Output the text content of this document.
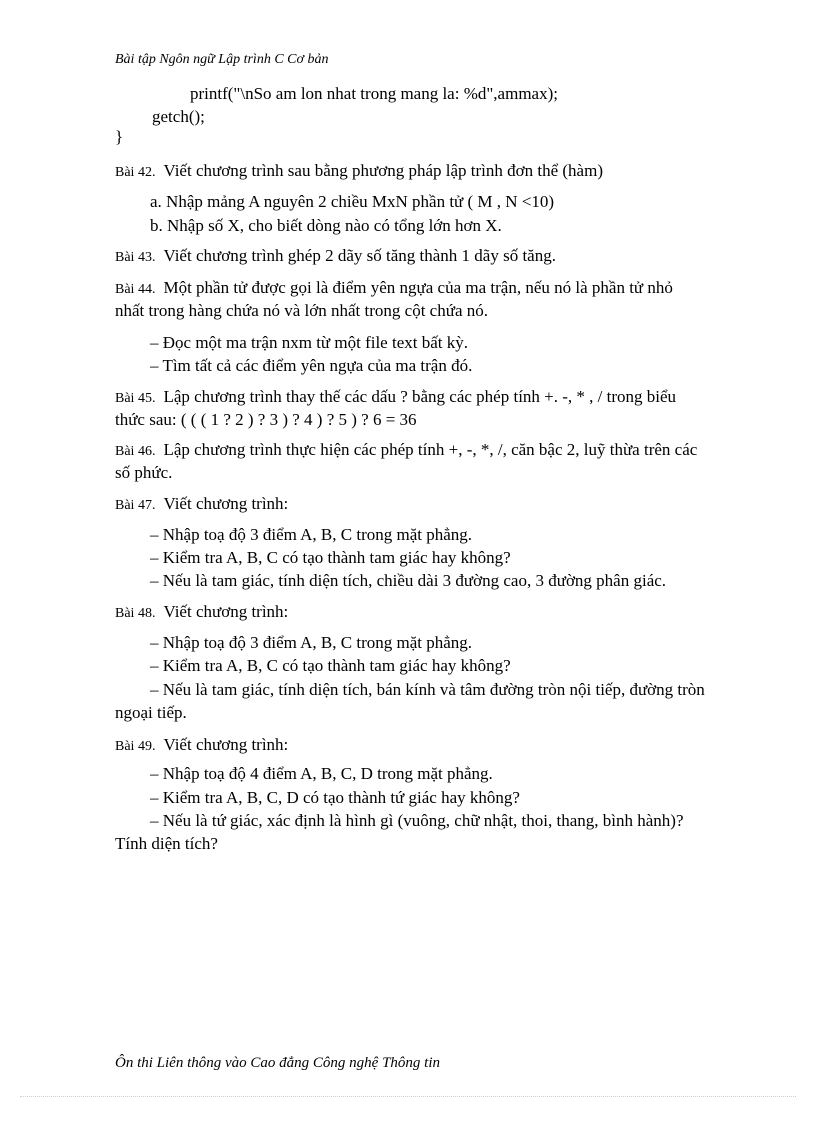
Bài tập Ngôn ngữ Lập trình C Cơ bản
printf("\nSo am lon nhat trong mang la: %d",ammax);
getch();
}
Bài 42. Viết chương trình sau bằng phương pháp lập trình đơn thể (hàm)
a. Nhập mảng A nguyên 2 chiều MxN phần tử ( M , N <10)
b. Nhập số X, cho biết dòng nào có tổng lớn hơn X.
Bài 43. Viết chương trình ghép 2 dãy số tăng thành 1 dãy số tăng.
Bài 44. Một phần tử được gọi là điểm yên ngựa của ma trận, nếu nó là phần tử nhỏ
nhất trong hàng chứa nó và lớn nhất trong cột chứa nó.
– Đọc một ma trận nxm từ một file text bất kỳ.
– Tìm tất cả các điểm yên ngựa của ma trận đó.
Bài 45. Lập chương trình thay thế các dấu ? bằng các phép tính +. -, * , / trong biểu
thức sau: ( ( ( 1 ? 2 ) ? 3 ) ? 4 ) ? 5 ) ? 6 = 36
Bài 46. Lập chương trình thực hiện các phép tính +, -, *, /, căn bậc 2, luỹ thừa trên các
số phức.
Bài 47. Viết chương trình:
– Nhập toạ độ 3 điểm A, B, C trong mặt phẳng.
– Kiểm tra A, B, C có tạo thành tam giác hay không?
– Nếu là tam giác, tính diện tích, chiều dài 3 đường cao, 3 đường phân giác.
Bài 48. Viết chương trình:
– Nhập toạ độ 3 điểm A, B, C trong mặt phẳng.
– Kiểm tra A, B, C có tạo thành tam giác hay không?
– Nếu là tam giác, tính diện tích, bán kính và tâm đường tròn nội tiếp, đường tròn
ngoại tiếp.
Bài 49. Viết chương trình:
– Nhập toạ độ 4 điểm A, B, C, D trong mặt phẳng.
– Kiểm tra A, B, C, D có tạo thành tứ giác hay không?
– Nếu là tứ giác, xác định là hình gì (vuông, chữ nhật, thoi, thang, bình hành)?
Tính diện tích?
Ôn thi Liên thông vào Cao đẳng Công nghệ Thông tin
